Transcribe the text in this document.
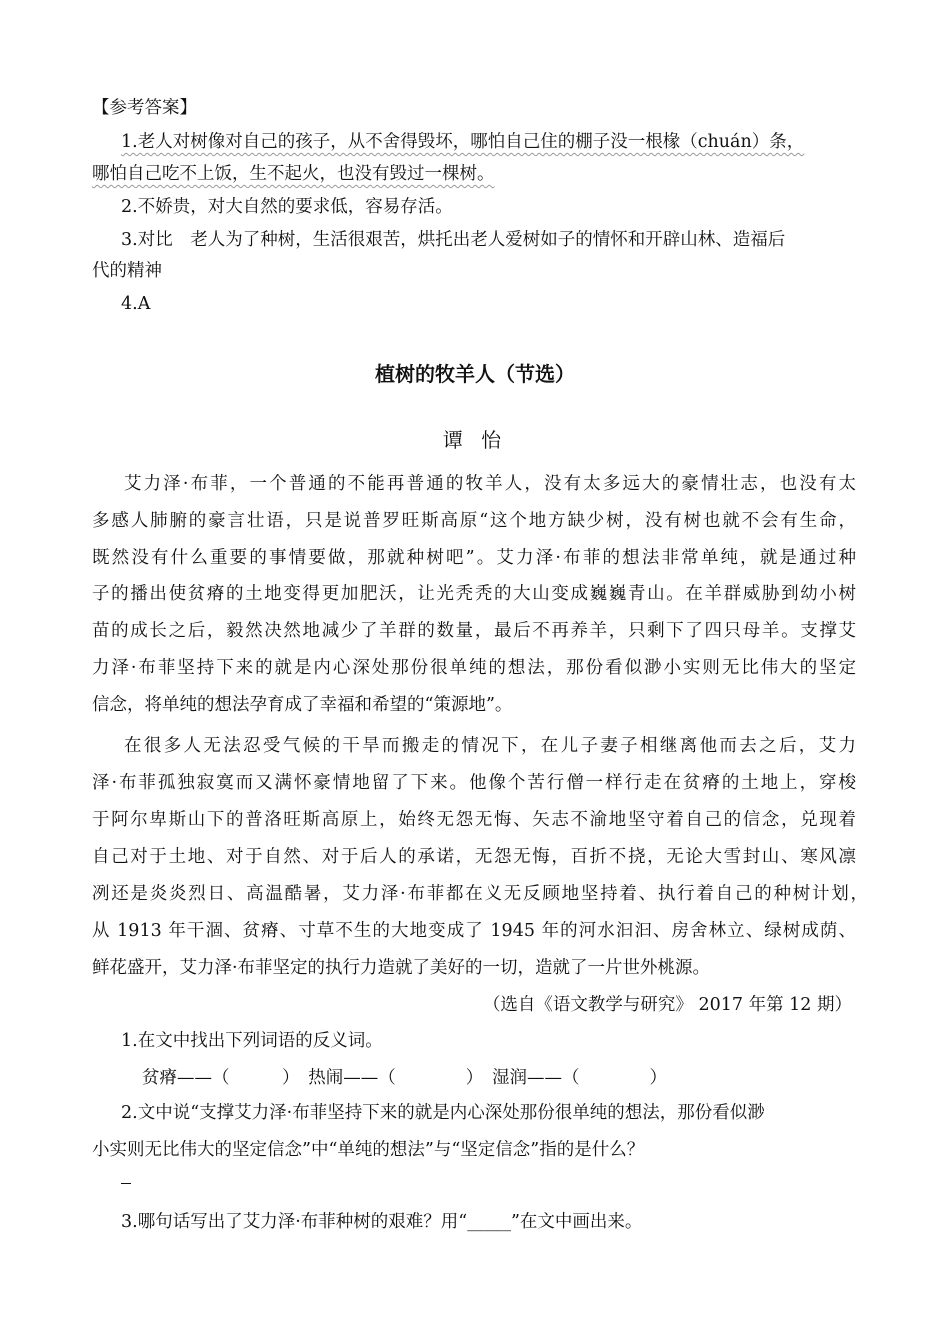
【参考答案】
1.老人对树像对自己的孩子，从不舍得毁坏，哪怕自己住的棚子没一根椽（chuán）条，
哪怕自己吃不上饭，生不起火，也没有毁过一棵树。
2.不娇贵，对大自然的要求低，容易存活。
3.对比　老人为了种树，生活很艰苦，烘托出老人爱树如子的情怀和开辟山林、造福后
代的精神
4.A
植树的牧羊人（节选）
谭 怡
艾力泽·布菲，一个普通的不能再普通的牧羊人，没有太多远大的豪情壮志，也没有太
多感人肺腑的豪言壮语，只是说普罗旺斯高原“这个地方缺少树，没有树也就不会有生命，
既然没有什么重要的事情要做，那就种树吧”。艾力泽·布菲的想法非常单纯，就是通过种
子的播出使贫瘠的土地变得更加肥沃，让光秃秃的大山变成巍巍青山。在羊群威胁到幼小树
苗的成长之后，毅然决然地减少了羊群的数量，最后不再养羊，只剩下了四只母羊。支撑艾
力泽·布菲坚持下来的就是内心深处那份很单纯的想法，那份看似渺小实则无比伟大的坚定
信念，将单纯的想法孕育成了幸福和希望的“策源地”。
在很多人无法忍受气候的干旱而搬走的情况下，在儿子妻子相继离他而去之后，艾力
泽·布菲孤独寂寞而又满怀豪情地留了下来。他像个苦行僧一样行走在贫瘠的土地上，穿梭
于阿尔卑斯山下的普洛旺斯高原上，始终无怨无悔、矢志不渝地坚守着自己的信念，兑现着
自己对于土地、对于自然、对于后人的承诺，无怨无悔，百折不挠，无论大雪封山、寒风凛
冽还是炎炎烈日、高温酷暑，艾力泽·布菲都在义无反顾地坚持着、执行着自己的种树计划，
从 1913 年干涸、贫瘠、寸草不生的大地变成了 1945 年的河水汩汩、房舍林立、绿树成荫、
鲜花盛开，艾力泽·布菲坚定的执行力造就了美好的一切，造就了一片世外桃源。
（选自《语文教学与研究》 2017 年第 12 期）
1.在文中找出下列词语的反义词。
贫瘠——（　　　）　热闹——（　　　　）　湿润——（　　　　）
2.文中说“支撑艾力泽·布菲坚持下来的就是内心深处那份很单纯的想法，那份看似渺
小实则无比伟大的坚定信念”中“单纯的想法”与“坚定信念”指的是什么？
3.哪句话写出了艾力泽·布菲种树的艰难？用“_____”在文中画出来。
